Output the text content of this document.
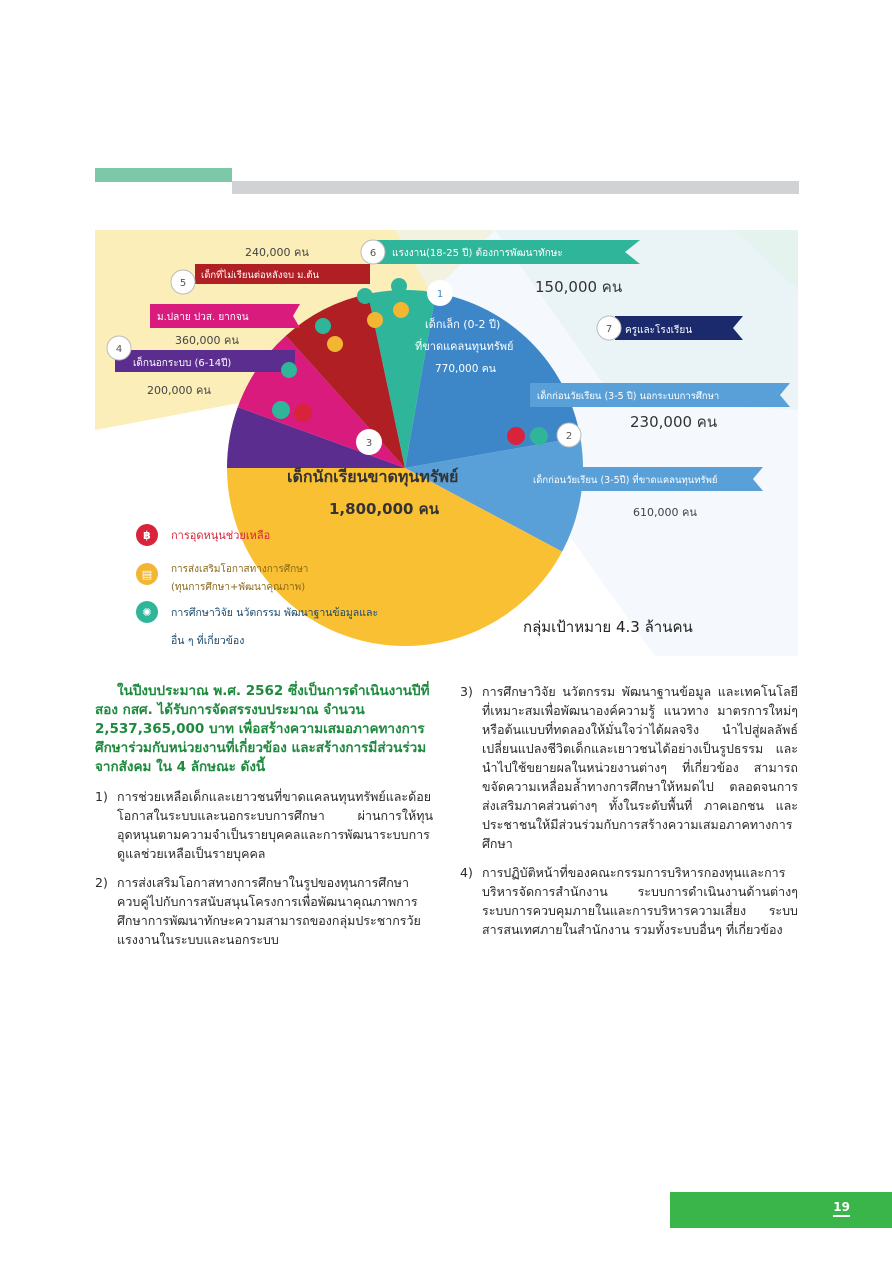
6 แรงงาน(18-25 ปี) ต้องการพัฒนาทักษะ
150,000 คน
240,000 คน
5
เด็กที่ไม่เรียนต่อหลังจบ ม.ต้น
ม.ปลาย ปวส. ยากจน
360,000 คน
4
เด็กนอกระบบ (6-14ปี)
200,000 คน
1
เด็กเล็ก (0-2 ปี)
ที่ขาดแคลนทุนทรัพย์
770,000 คน
7 ครูและโรงเรียน
เด็กก่อนวัยเรียน (3-5 ปี) นอกระบบการศึกษา
230,000 คน
2
เด็กก่อนวัยเรียน (3-5ปี) ที่ขาดแคลนทุนทรัพย์
610,000 คน
3
เด็กนักเรียนขาดทุนทรัพย์
1,800,000 คน
฿ การอุดหนุนช่วยเหลือ
▤ การส่งเสริมโอกาสทางการศึกษา
(ทุนการศึกษา+พัฒนาคุณภาพ)
✺ การศึกษาวิจัย นวัตกรรม พัฒนาฐานข้อมูลและ
อื่น ๆ ที่เกี่ยวข้อง
กลุ่มเป้าหมาย 4.3 ล้านคน

ในปีงบประมาณ พ.ศ. 2562 ซึ่งเป็นการดำเนินงานปีที่สอง กสศ. ได้รับการจัดสรรงบประมาณ จำนวน 2,537,365,000 บาท เพื่อสร้างความเสมอภาคทางการศึกษาร่วมกับหน่วยงานที่เกี่ยวข้อง และสร้างการมีส่วนร่วมจากสังคม ใน 4 ลักษณะ ดังนี้

1) การช่วยเหลือเด็กและเยาวชนที่ขาดแคลนทุนทรัพย์และด้อยโอกาสในระบบและนอกระบบการศึกษา ผ่านการให้ทุนอุดหนุนตามความจำเป็นรายบุคคลและการพัฒนาระบบการดูแลช่วยเหลือเป็นรายบุคคล
2) การส่งเสริมโอกาสทางการศึกษาในรูปของทุนการศึกษาควบคู่ไปกับการสนับสนุนโครงการเพื่อพัฒนาคุณภาพการศึกษาการพัฒนาทักษะความสามารถของกลุ่มประชากรวัยแรงงานในระบบและนอกระบบ
3) การศึกษาวิจัย นวัตกรรม พัฒนาฐานข้อมูล และเทคโนโลยีที่เหมาะสมเพื่อพัฒนาองค์ความรู้ แนวทาง มาตรการใหม่ๆ หรือต้นแบบที่ทดลองให้มั่นใจว่าได้ผลจริง นำไปสู่ผลลัพธ์เปลี่ยนแปลงชีวิตเด็กและเยาวชนได้อย่างเป็นรูปธรรม และนำไปใช้ขยายผลในหน่วยงานต่างๆ ที่เกี่ยวข้อง สามารถขจัดความเหลื่อมล้ำทางการศึกษาให้หมดไป ตลอดจนการส่งเสริมภาคส่วนต่างๆ ทั้งในระดับพื้นที่ ภาคเอกชน และประชาชนให้มีส่วนร่วมกับการสร้างความเสมอภาคทางการศึกษา
4) การปฏิบัติหน้าที่ของคณะกรรมการบริหารกองทุนและการบริหารจัดการสำนักงาน ระบบการดำเนินงานด้านต่างๆ ระบบการควบคุมภายในและการบริหารความเสี่ยง ระบบสารสนเทศภายในสำนักงาน รวมทั้งระบบอื่นๆ ที่เกี่ยวข้อง
19
